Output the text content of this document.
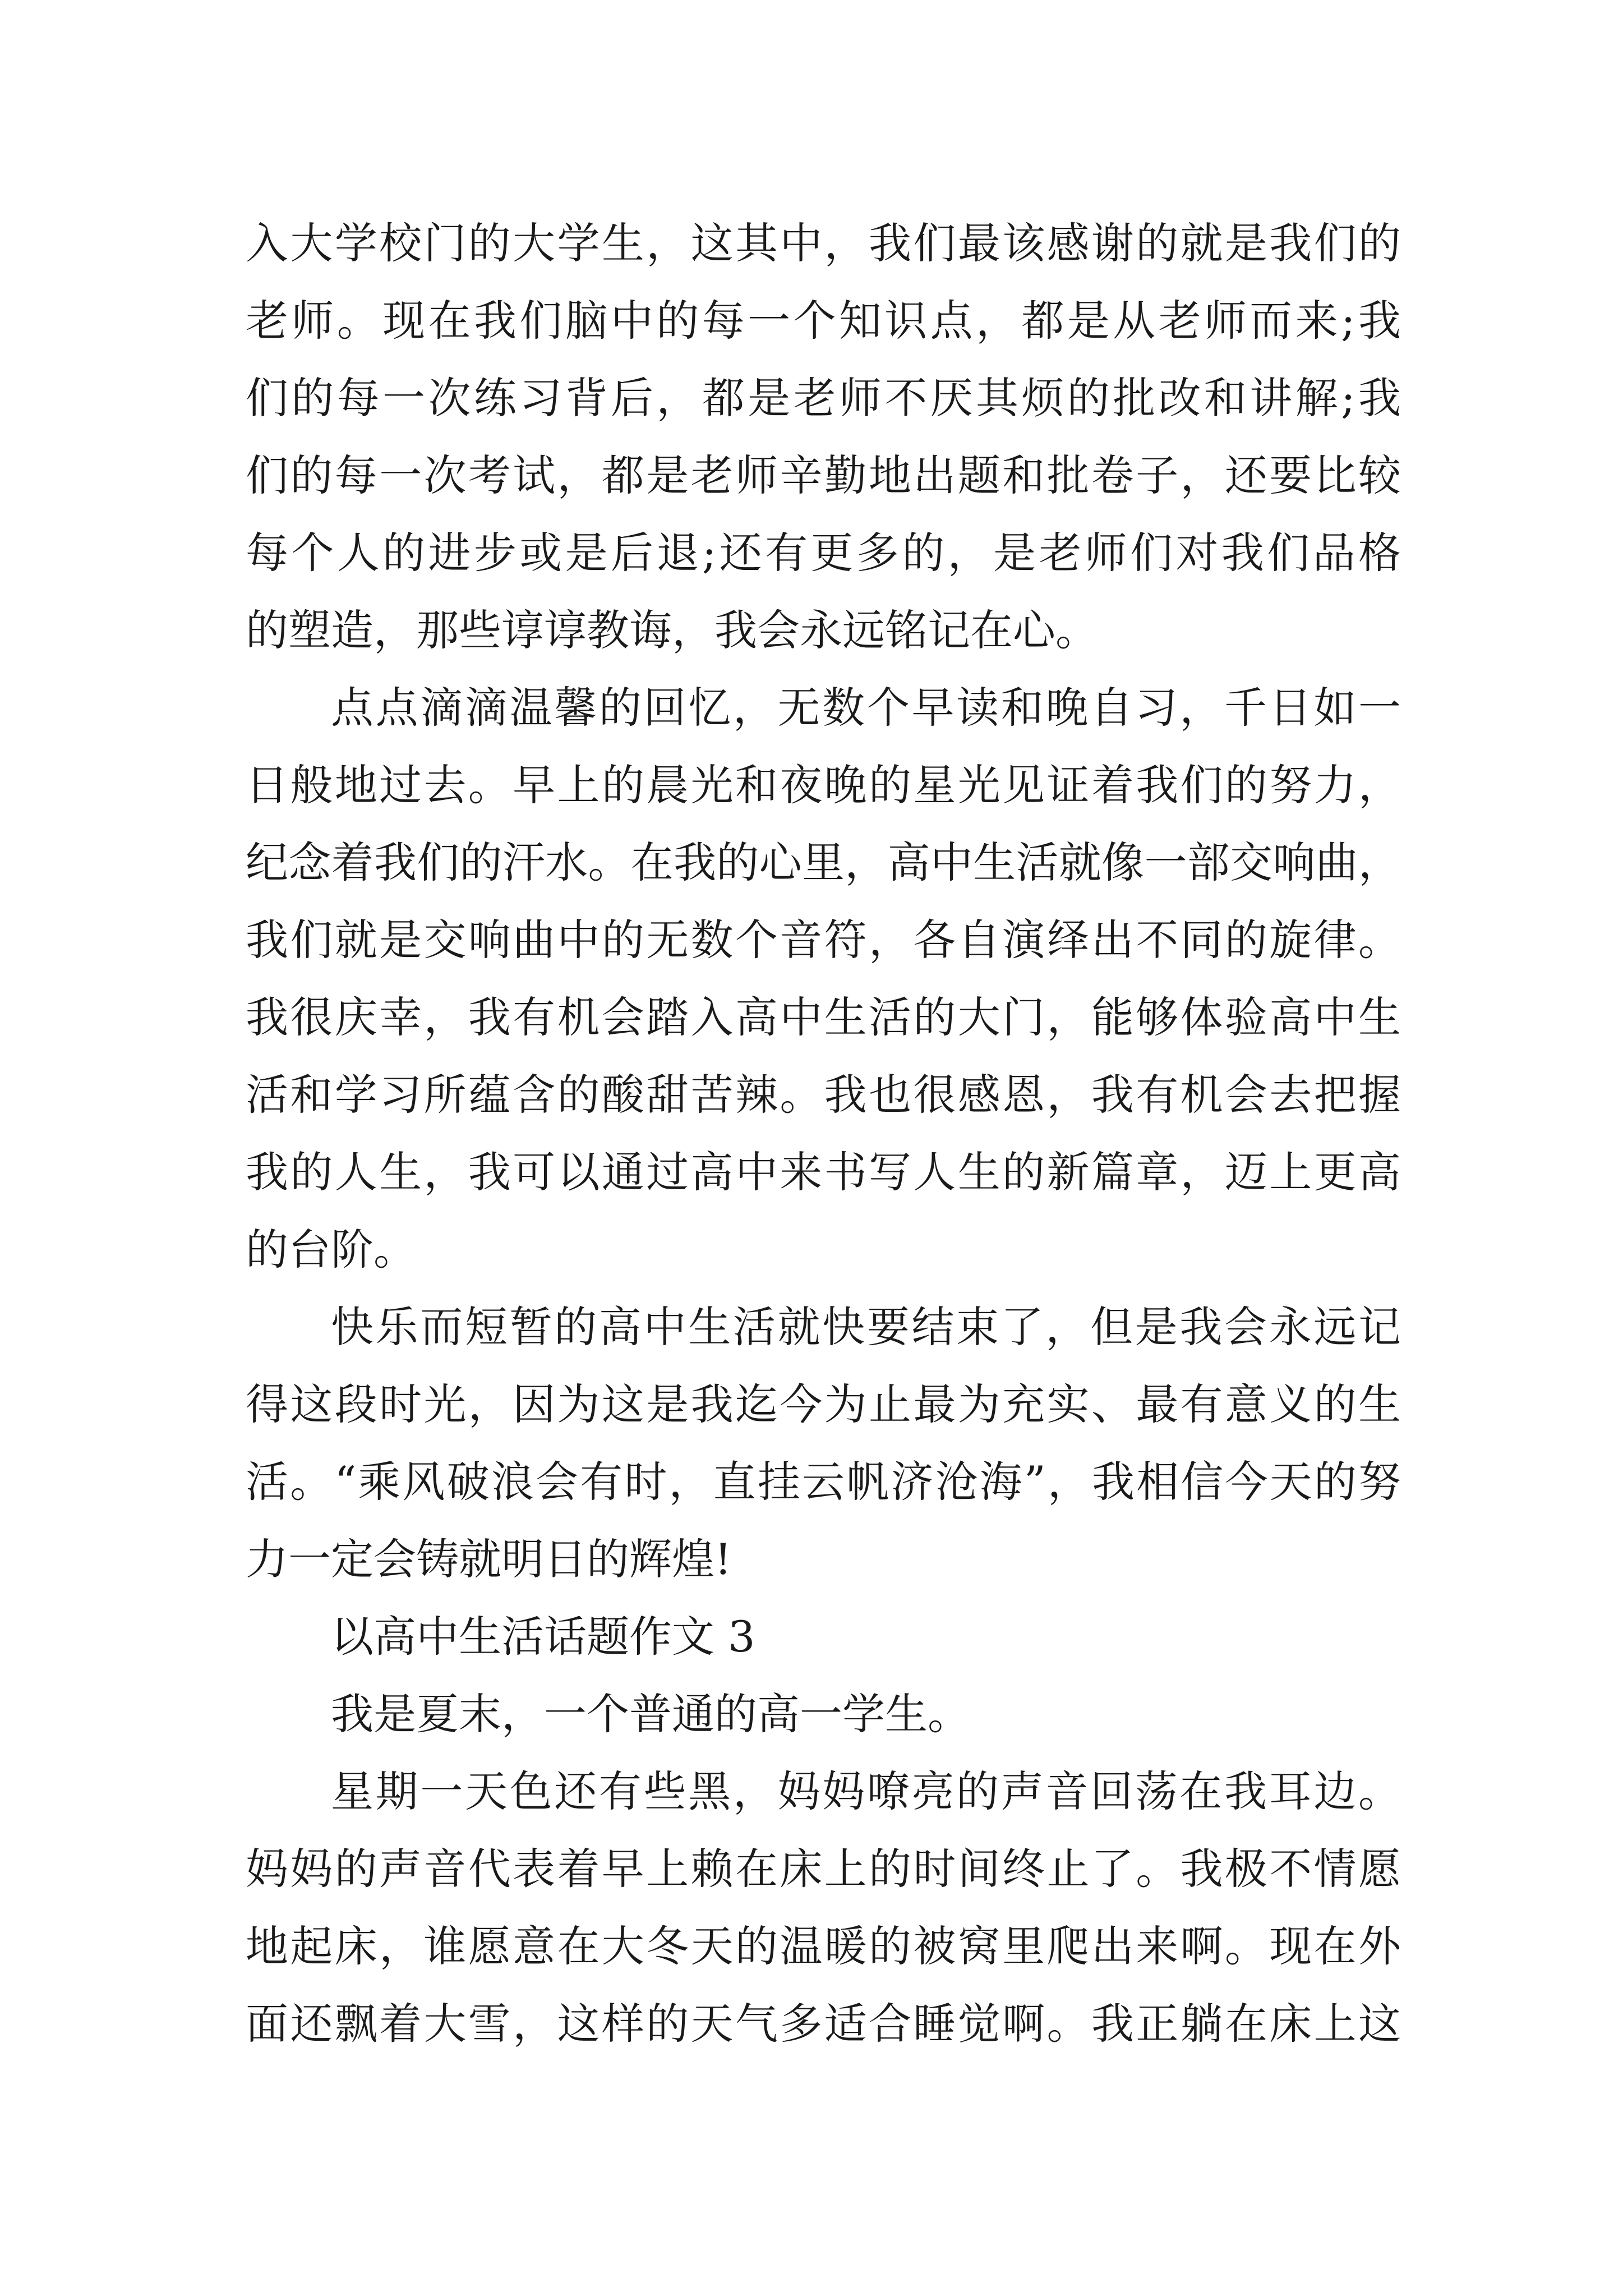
入大学校门的大学生，这其中，我们最该感谢的就是我们的
老师。现在我们脑中的每一个知识点，都是从老师而来;我
们的每一次练习背后，都是老师不厌其烦的批改和讲解;我
们的每一次考试，都是老师辛勤地出题和批卷子，还要比较
每个人的进步或是后退;还有更多的，是老师们对我们品格
的塑造，那些谆谆教诲，我会永远铭记在心。
点点滴滴温馨的回忆，无数个早读和晚自习，千日如一
日般地过去。早上的晨光和夜晚的星光见证着我们的努力，
纪念着我们的汗水。在我的心里，高中生活就像一部交响曲，
我们就是交响曲中的无数个音符，各自演绎出不同的旋律。
我很庆幸，我有机会踏入高中生活的大门，能够体验高中生
活和学习所蕴含的酸甜苦辣。我也很感恩，我有机会去把握
我的人生，我可以通过高中来书写人生的新篇章，迈上更高
的台阶。
快乐而短暂的高中生活就快要结束了，但是我会永远记
得这段时光，因为这是我迄今为止最为充实、最有意义的生
活。“乘风破浪会有时，直挂云帆济沧海”，我相信今天的努
力一定会铸就明日的辉煌!
以高中生活话题作文 3
我是夏末，一个普通的高一学生。
星期一天色还有些黑，妈妈嘹亮的声音回荡在我耳边。
妈妈的声音代表着早上赖在床上的时间终止了。我极不情愿
地起床，谁愿意在大冬天的温暖的被窝里爬出来啊。现在外
面还飘着大雪，这样的天气多适合睡觉啊。我正躺在床上这
